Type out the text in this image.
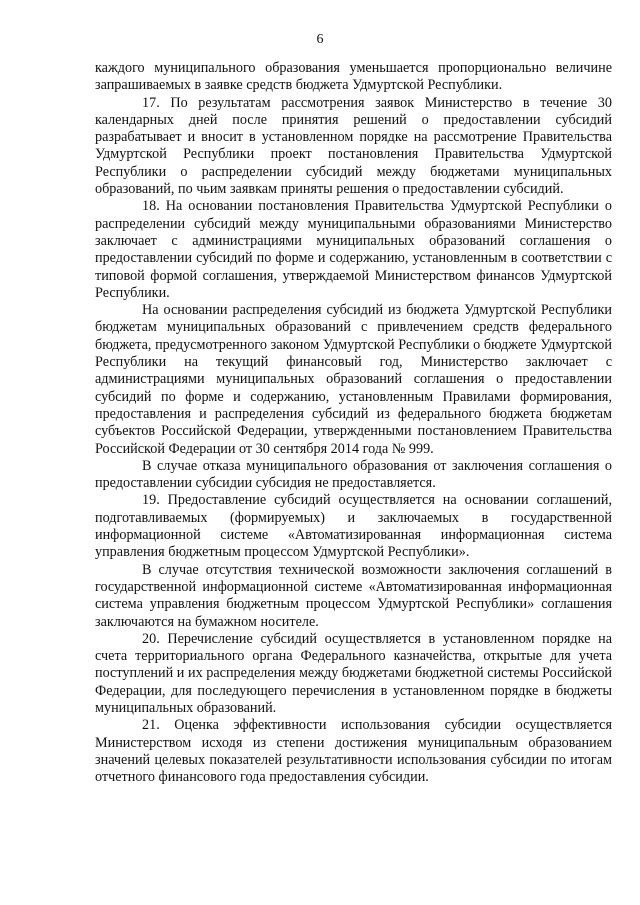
6

каждого муниципального образования уменьшается пропорционально величине запрашиваемых в заявке средств бюджета Удмуртской Республики.

17. По результатам рассмотрения заявок Министерство в течение 30 календарных дней после принятия решений о предоставлении субсидий разрабатывает и вносит в установленном порядке на рассмотрение Правительства Удмуртской Республики проект постановления Правительства Удмуртской Республики о распределении субсидий между бюджетами муниципальных образований, по чьим заявкам приняты решения о предоставлении субсидий.

18. На основании постановления Правительства Удмуртской Республики о распределении субсидий между муниципальными образованиями Министерство заключает с администрациями муниципальных образований соглашения о предоставлении субсидий по форме и содержанию, установленным в соответствии с типовой формой соглашения, утверждаемой Министерством финансов Удмуртской Республики.

На основании распределения субсидий из бюджета Удмуртской Республики бюджетам муниципальных образований с привлечением средств федерального бюджета, предусмотренного законом Удмуртской Республики о бюджете Удмуртской Республики на текущий финансовый год, Министерство заключает с администрациями муниципальных образований соглашения о предоставлении субсидий по форме и содержанию, установленным Правилами формирования, предоставления и распределения субсидий из федерального бюджета бюджетам субъектов Российской Федерации, утвержденными постановлением Правительства Российской Федерации от 30 сентября 2014 года № 999.

В случае отказа муниципального образования от заключения соглашения о предоставлении субсидии субсидия не предоставляется.

19. Предоставление субсидий осуществляется на основании соглашений, подготавливаемых (формируемых) и заключаемых в государственной информационной системе «Автоматизированная информационная система управления бюджетным процессом Удмуртской Республики».

В случае отсутствия технической возможности заключения соглашений в государственной информационной системе «Автоматизированная информационная система управления бюджетным процессом Удмуртской Республики» соглашения заключаются на бумажном носителе.

20. Перечисление субсидий осуществляется в установленном порядке на счета территориального органа Федерального казначейства, открытые для учета поступлений и их распределения между бюджетами бюджетной системы Российской Федерации, для последующего перечисления в установленном порядке в бюджеты муниципальных образований.

21. Оценка эффективности использования субсидии осуществляется Министерством исходя из степени достижения муниципальным образованием значений целевых показателей результативности использования субсидии по итогам отчетного финансового года предоставления субсидии.
